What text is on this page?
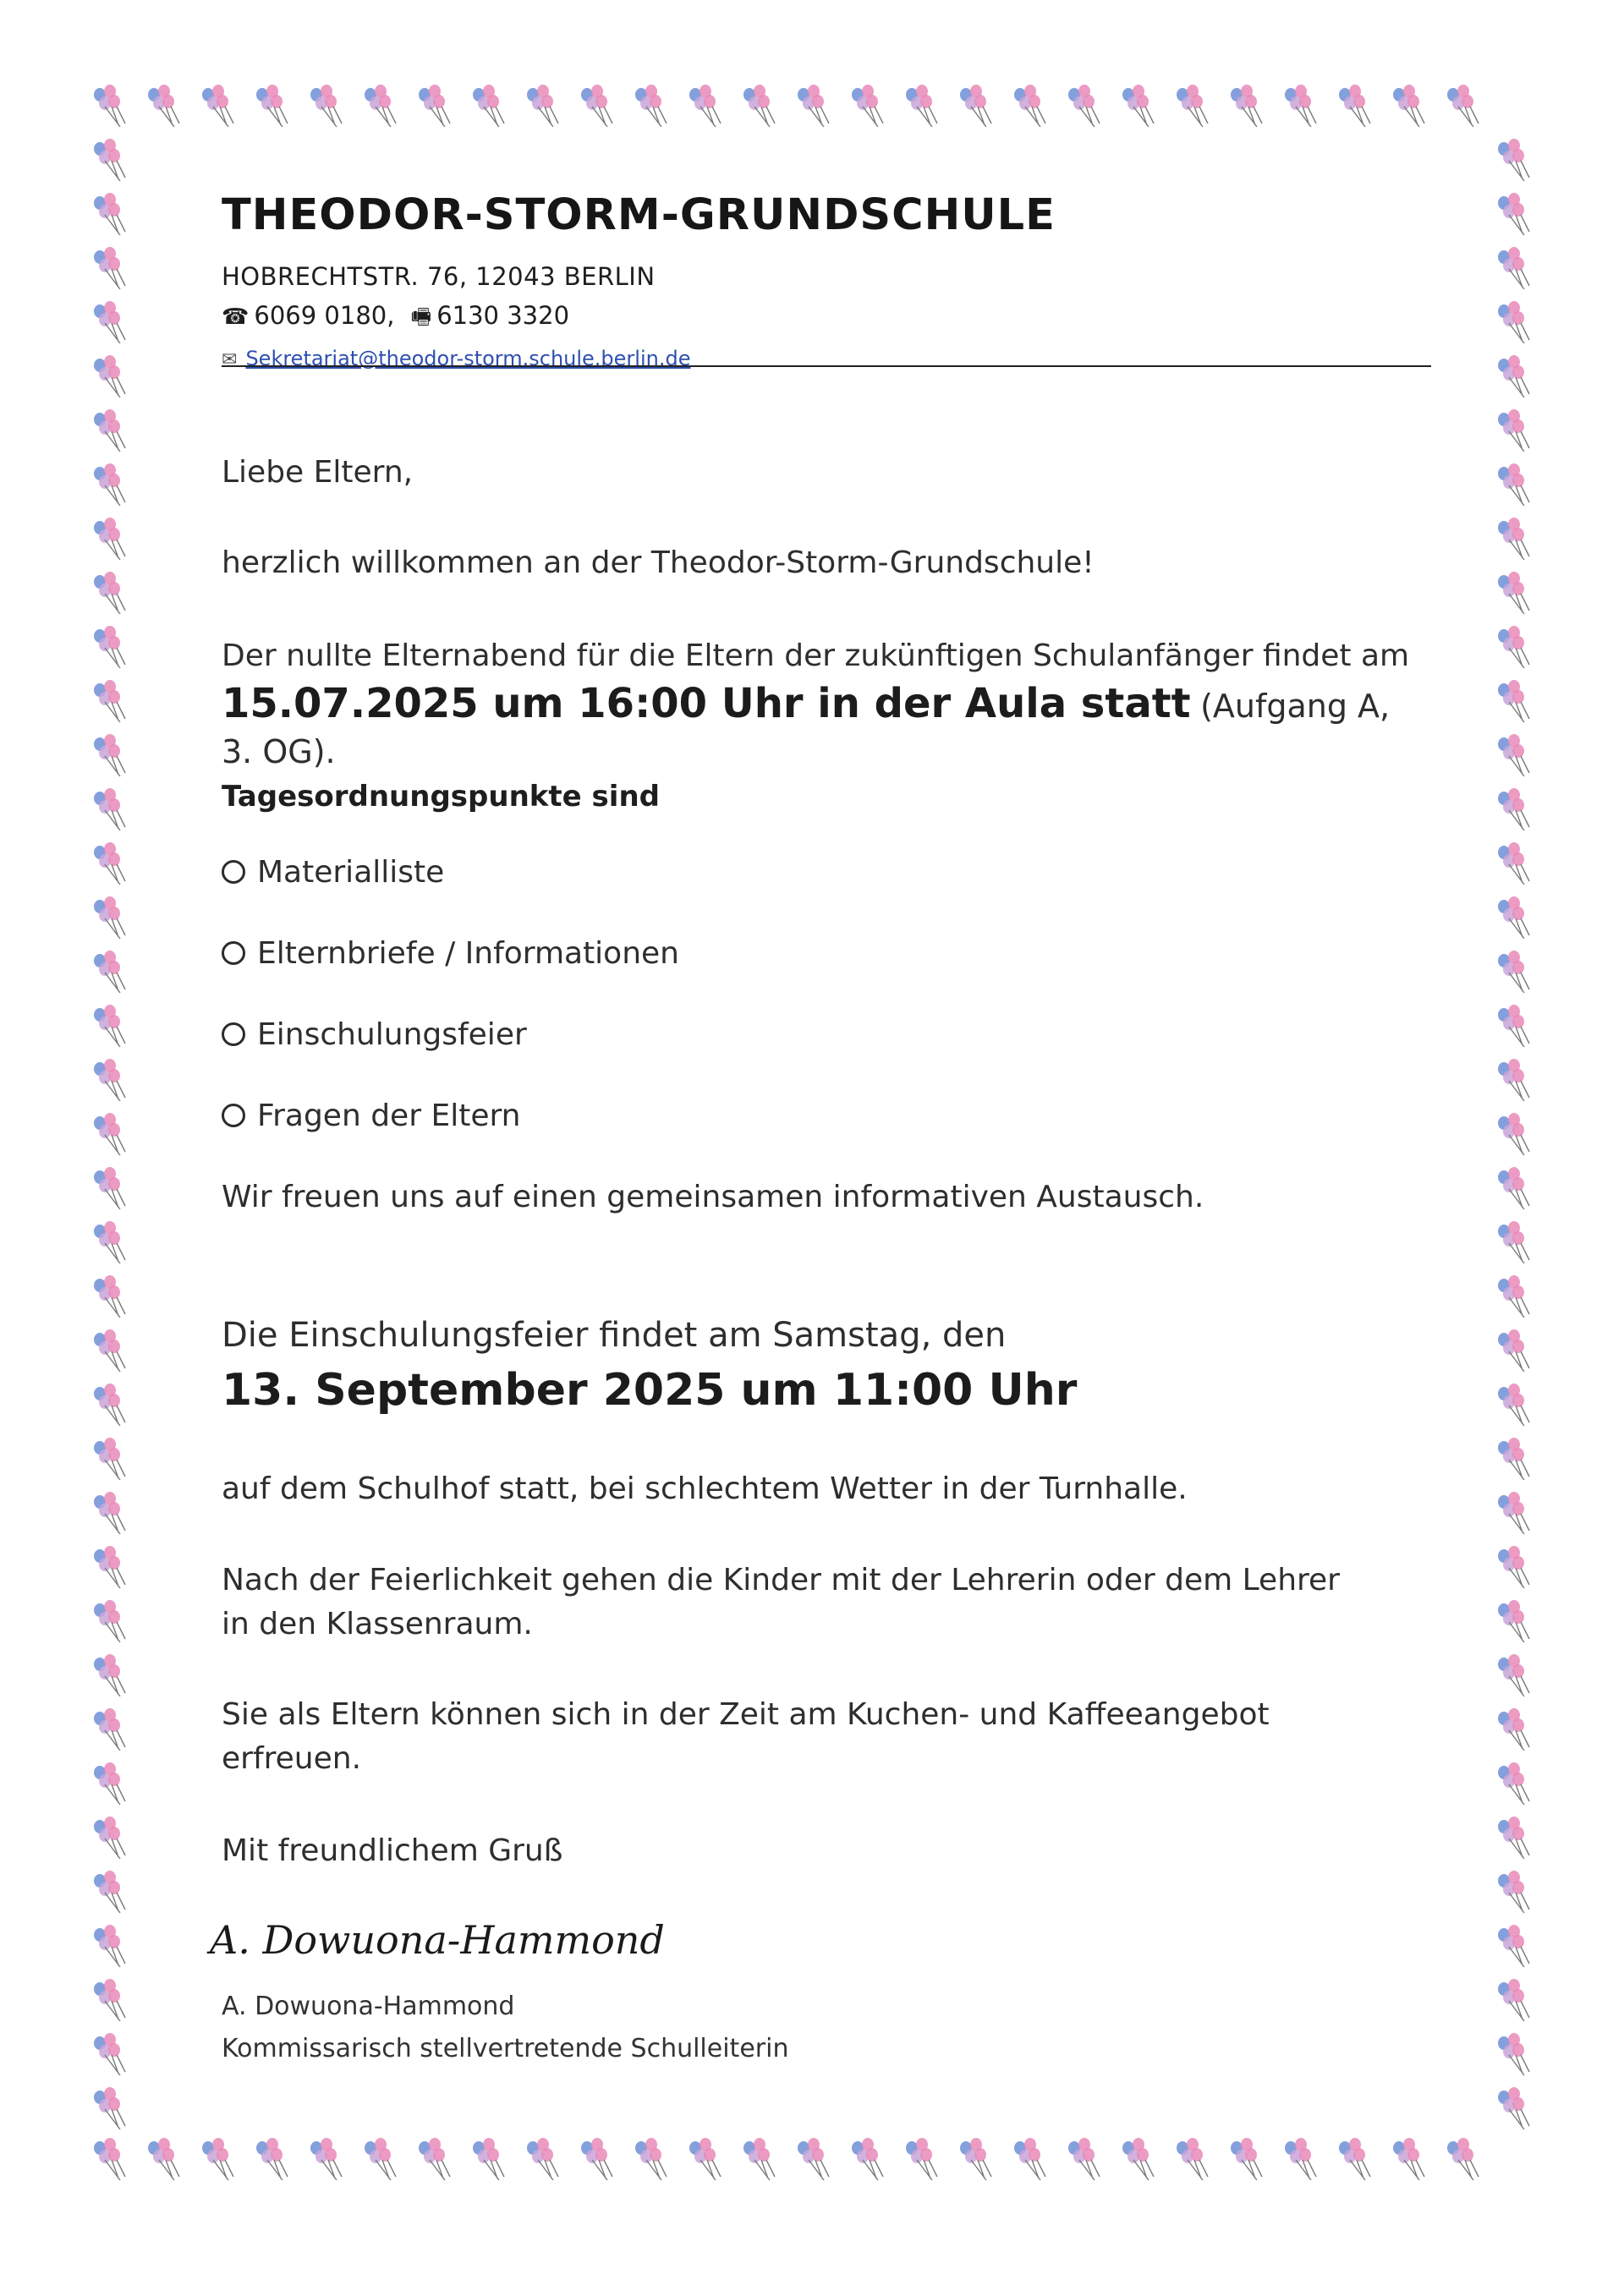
THEODOR-STORM-GRUNDSCHULE
HOBRECHTSTR. 76, 12043 BERLIN
☎ 6069 0180, 🖷 6130 3320
✉ Sekretariat@theodor-storm.schule.berlin.de
Liebe Eltern,
herzlich willkommen an der Theodor-Storm-Grundschule!
Der nullte Elternabend für die Eltern der zukünftigen Schulanfänger findet am
15.07.2025 um 16:00 Uhr in der Aula statt (Aufgang A, 3. OG).
Tagesordnungspunkte sind
Materialliste
Elternbriefe / Informationen
Einschulungsfeier
Fragen der Eltern
Wir freuen uns auf einen gemeinsamen informativen Austausch.
Die Einschulungsfeier findet am Samstag, den
13. September 2025 um 11:00 Uhr
auf dem Schulhof statt, bei schlechtem Wetter in der Turnhalle.
Nach der Feierlichkeit gehen die Kinder mit der Lehrerin oder dem Lehrer in den Klassenraum.
Sie als Eltern können sich in der Zeit am Kuchen- und Kaffeeangebot erfreuen.
Mit freundlichem Gruß
A. Dowuona-Hammond
A. Dowuona-Hammond
Kommissarisch stellvertretende Schulleiterin
